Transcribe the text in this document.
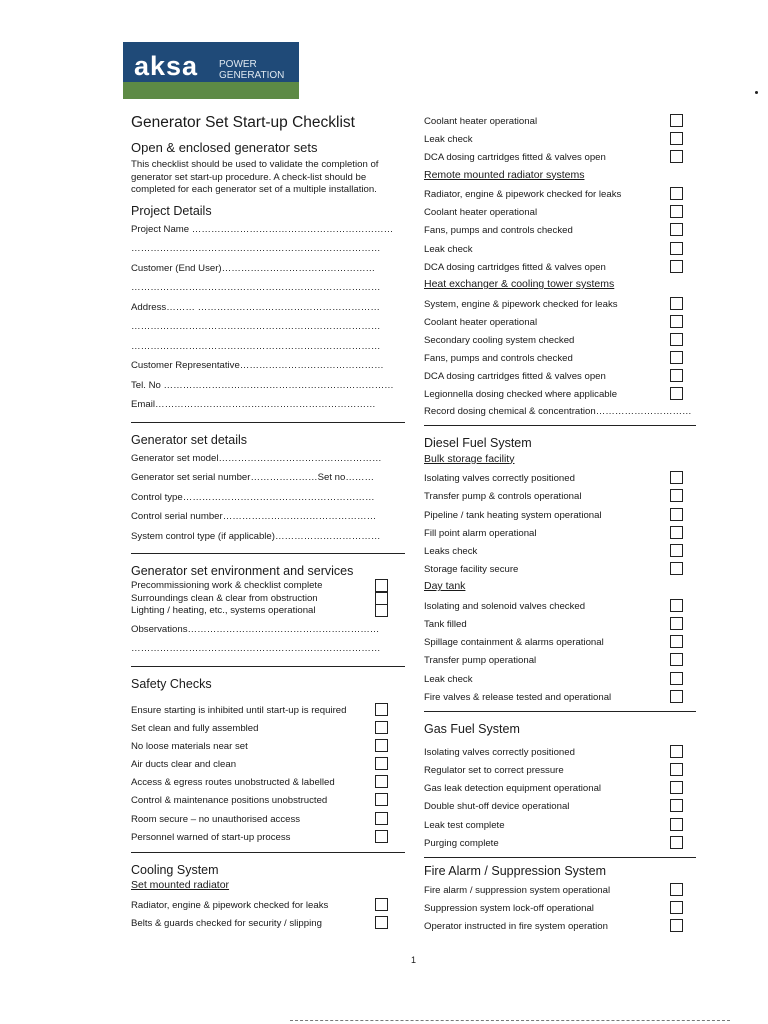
aksa POWER
GENERATION
Generator Set Start-up Checklist
Open & enclosed generator sets
This checklist should be used to validate the completion of
generator set start-up procedure. A check-list should be
completed for each generator set of a multiple installation.
Project Details
Project Name ………………………………………………………
……………………………………………………………………
Customer (End User)…………………………………………
……………………………………………………………………
Address……… …………………………………………………
……………………………………………………………………
……………………………………………………………………
Customer Representative………………………………………
Tel. No ………………………………………………………………
Email……………………………………………………………
Generator set details
Generator set model……………………………………………
Generator set serial number…………………Set no………
Control type……………………………………………………
Control serial number…………………………………………
System control type (if applicable)……………………………
Generator set environment and services
Precommissioning work & checklist complete
Surroundings clean & clear from obstruction
Lighting / heating, etc., systems operational
Observations……………………………………………………
……………………………………………………………………
Safety Checks
Ensure starting is inhibited until start-up is required
Set clean and fully assembled
No loose materials near set
Air ducts clear and clean
Access & egress routes unobstructed & labelled
Control & maintenance positions unobstructed
Room secure – no unauthorised access
Personnel warned of start-up process
Cooling System
Set mounted radiator
Radiator, engine & pipework checked for leaks
Belts & guards checked for security / slipping
Coolant heater operational
Leak check
DCA dosing cartridges fitted & valves open
Remote mounted radiator systems
Radiator, engine & pipework checked for leaks
Coolant heater operational
Fans, pumps and controls checked
Leak check
DCA dosing cartridges fitted & valves open
Heat exchanger & cooling tower systems
System, engine & pipework checked for leaks
Coolant heater operational
Secondary cooling system checked
Fans, pumps and controls checked
DCA dosing cartridges fitted & valves open
Legionnella dosing checked where applicable
Record dosing chemical & concentration…………………………
Diesel Fuel System
Bulk storage facility
Isolating valves correctly positioned
Transfer pump & controls operational
Pipeline / tank heating system operational
Fill point alarm operational
Leaks check
Storage facility secure
Day tank
Isolating and solenoid valves checked
Tank filled
Spillage containment & alarms operational
Transfer pump operational
Leak check
Fire valves & release tested and operational
Gas Fuel System
Isolating valves correctly positioned
Regulator set to correct pressure
Gas leak detection equipment operational
Double shut-off device operational
Leak test complete
Purging complete
Fire Alarm / Suppression System
Fire alarm / suppression system operational
Suppression system lock-off operational
Operator instructed in fire system operation
1
